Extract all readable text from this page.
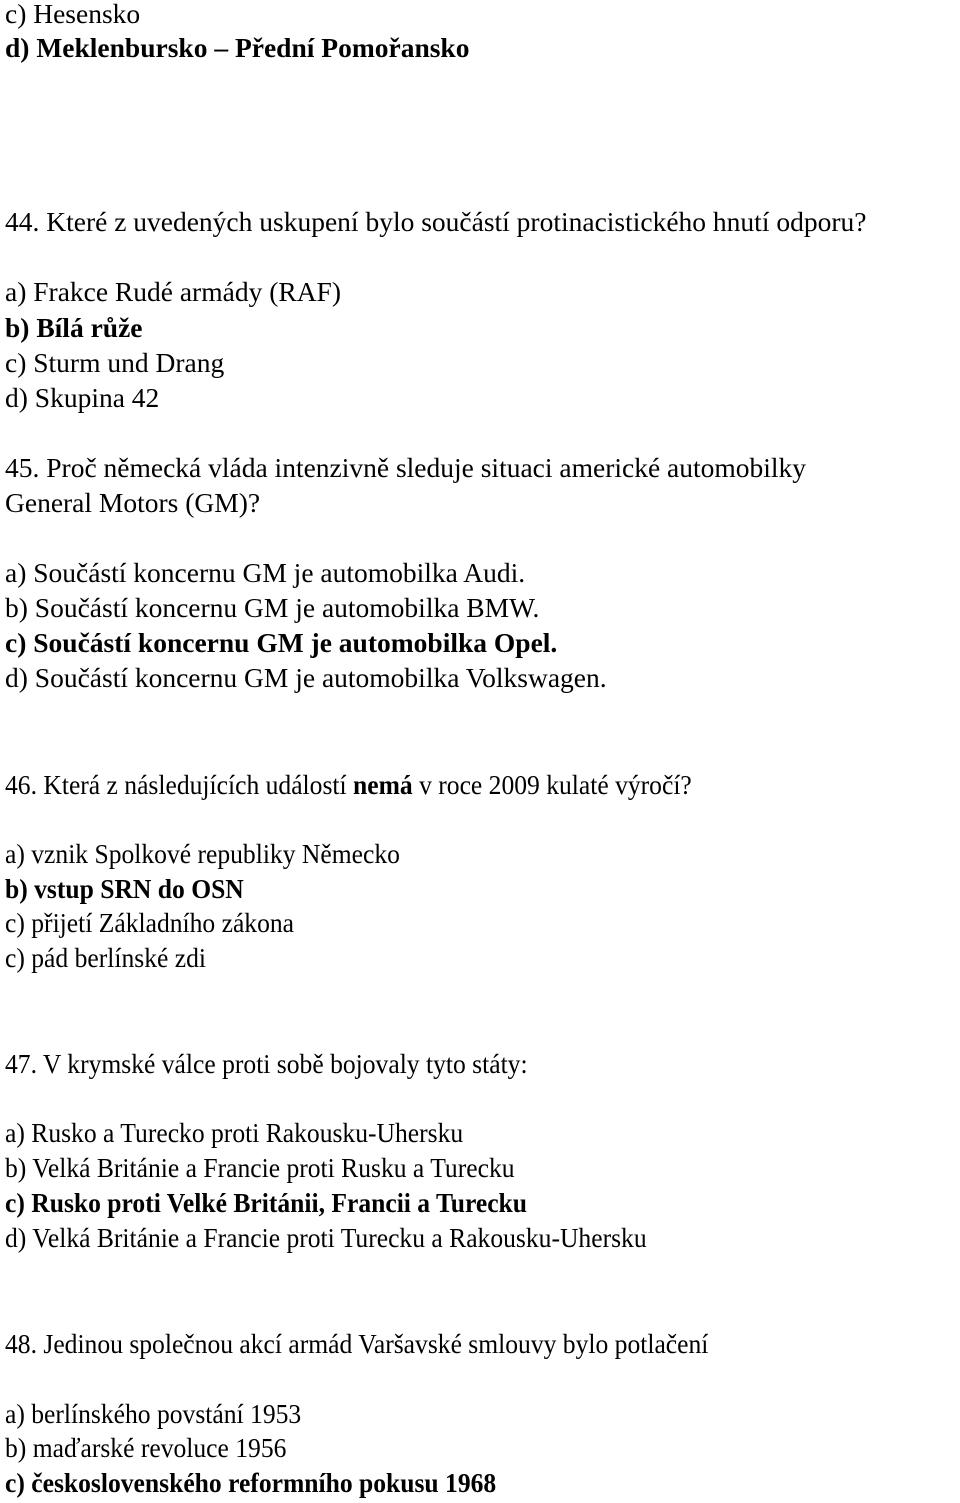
c) Hesensko
d) Meklenbursko – Přední Pomořansko
44. Které z uvedených uskupení bylo součástí protinacistického hnutí odporu?
a) Frakce Rudé armády (RAF)
b) Bílá růže
c) Sturm und Drang
d) Skupina 42
45. Proč německá vláda intenzivně sleduje situaci americké automobilky
General Motors (GM)?
a) Součástí koncernu GM je automobilka Audi.
b) Součástí koncernu GM je automobilka BMW.
c) Součástí koncernu GM je automobilka Opel.
d) Součástí koncernu GM je automobilka Volkswagen.
46. Která z následujících událostí nemá v roce 2009 kulaté výročí?
a) vznik Spolkové republiky Německo
b) vstup SRN do OSN
c) přijetí Základního zákona
c) pád berlínské zdi
47. V krymské válce proti sobě bojovaly tyto státy:
a) Rusko a Turecko proti Rakousku-Uhersku
b) Velká Británie a Francie proti Rusku a Turecku
c) Rusko proti Velké Británii, Francii a Turecku
d) Velká Británie a Francie proti Turecku a Rakousku-Uhersku
48. Jedinou společnou akcí armád Varšavské smlouvy bylo potlačení
a) berlínského povstání 1953
b) maďarské revoluce 1956
c) československého reformního pokusu 1968
